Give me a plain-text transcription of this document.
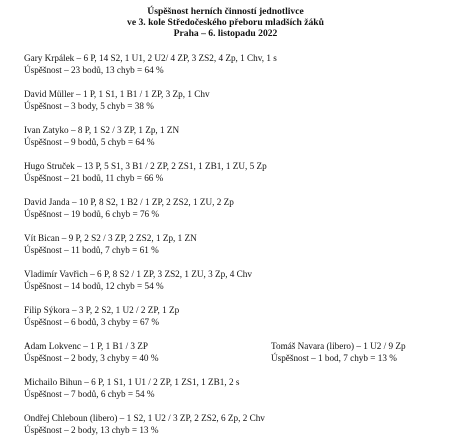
Úspěšnost herních činností jednotlivce
ve 3. kole Středočeského přeboru mladších žáků
Praha – 6. listopadu 2022
Gary Krpálek – 6 P, 14 S2, 1 U1, 2 U2/ 4 ZP, 3 ZS2, 4 Zp, 1 Chv, 1 s
Úspěšnost – 23 bodů, 13 chyb = 64 %
David Müller – 1 P, 1 S1, 1 B1 / 1 ZP, 3 Zp, 1 Chv
Úspěšnost – 3 body, 5 chyb = 38 %
Ivan Zatyko – 8 P, 1 S2 / 3 ZP, 1 Zp, 1 ZN
Úspěšnost – 9 bodů, 5 chyb = 64 %
Hugo Struček – 13 P, 5 S1, 3 B1 / 2 ZP, 2 ZS1, 1 ZB1, 1 ZU, 5 Zp
Úspěšnost – 21 bodů, 11 chyb = 66 %
David Janda – 10 P, 8 S2, 1 B2 / 1 ZP, 2 ZS2, 1 ZU, 2 Zp
Úspěšnost – 19 bodů, 6 chyb = 76 %
Vít Bican – 9 P, 2 S2 / 3 ZP, 2 ZS2, 1 Zp, 1 ZN
Úspěšnost – 11 bodů, 7 chyb = 61 %
Vladimír Vavřich – 6 P, 8 S2 / 1 ZP, 3 ZS2, 1 ZU, 3 Zp, 4 Chv
Úspěšnost – 14 bodů, 12 chyb = 54 %
Filip Sýkora – 3 P, 2 S2, 1 U2 / 2 ZP, 1 Zp
Úspěšnost – 6 bodů, 3 chyby = 67 %
Adam Lokvenc – 1 P, 1 B1 / 3 ZP
Úspěšnost – 2 body, 3 chyby = 40 %
Tomáš Navara (libero) – 1 U2 / 9 Zp
Úspěšnost – 1 bod, 7 chyb = 13 %
Michailo Bihun – 6 P, 1 S1, 1 U1 / 2 ZP, 1 ZS1, 1 ZB1, 2 s
Úspěšnost – 7 bodů, 6 chyb = 54 %
Ondřej Chleboun (libero) – 1 S2, 1 U2 / 3 ZP, 2 ZS2, 6 Zp, 2 Chv
Úspěšnost – 2 body, 13 chyb = 13 %
